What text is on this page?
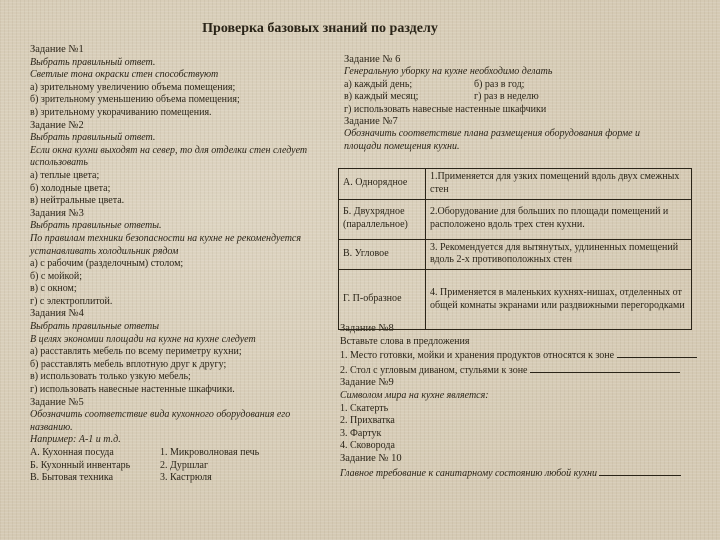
Проверка базовых знаний по разделу
Задание №1
Выбрать правильный ответ.
Светлые тона окраски стен способствуют
а) зрительному увеличению объема помещения;
б) зрительному уменьшению объема помещения;
в) зрительному укорачиванию помещения.
Задание №2
Выбрать правильный ответ.
Если окна кухни выходят на север, то для отделки стен следует
использовать
а) теплые цвета;
б) холодные цвета;
в) нейтральные цвета.
Задания №3
Выбрать правильные ответы.
По правилам техники безопасности на кухне не рекомендуется
устанавливать холодильник рядом
а) с рабочим (разделочным) столом;
б) с мойкой;
в) с окном;
г) с электроплитой.
Задания №4
Выбрать правильные ответы
В целях экономии площади на кухне на кухне следует
а) расставлять мебель по всему периметру кухни;
б) расставлять мебель вплотную друг к другу;
в) использовать только узкую мебель;
г) использовать навесные настенные шкафчики.
Задание №5
Обозначить соответствие вида кухонного оборудования его
названию.
Например: А-1 и т.д.
А. Кухонная посуда	1. Микроволновая печь
Б. Кухонный инвентарь	2. Дуршлаг
В. Бытовая техника	3. Кастрюля
Задание № 6
Генеральную уборку на кухне необходимо делать
а) каждый день;	б) раз в год;
в) каждый месяц;	г) раз в неделю
г) использовать навесные настенные шкафчики
Задание №7
Обозначить соответствие плана размещения оборудования форме и
площади помещения кухни.
А. Однорядное	1.Применяется для узких помещений вдоль двух смежных стен
Б. Двухрядное (параллельное)	2.Оборудование для больших по площади помещений и расположено вдоль трех стен кухни.
В. Угловое	3. Рекомендуется для вытянутых, удлиненных помещений вдоль 2-х противоположных стен
Г. П-образное	4. Применяется в маленьких кухнях-нишах, отделенных от общей комнаты экранами или раздвижными перегородками
Задание №8
Вставьте слова в предложения
1. Место готовки, мойки и хранения продуктов относятся к зоне
2. Стол с угловым диваном, стульями к зоне
Задание №9
Символом мира на кухне является:
1. Скатерть
2. Прихватка
3. Фартук
4. Сковорода
Задание № 10
Главное требование к санитарному состоянию любой кухни
